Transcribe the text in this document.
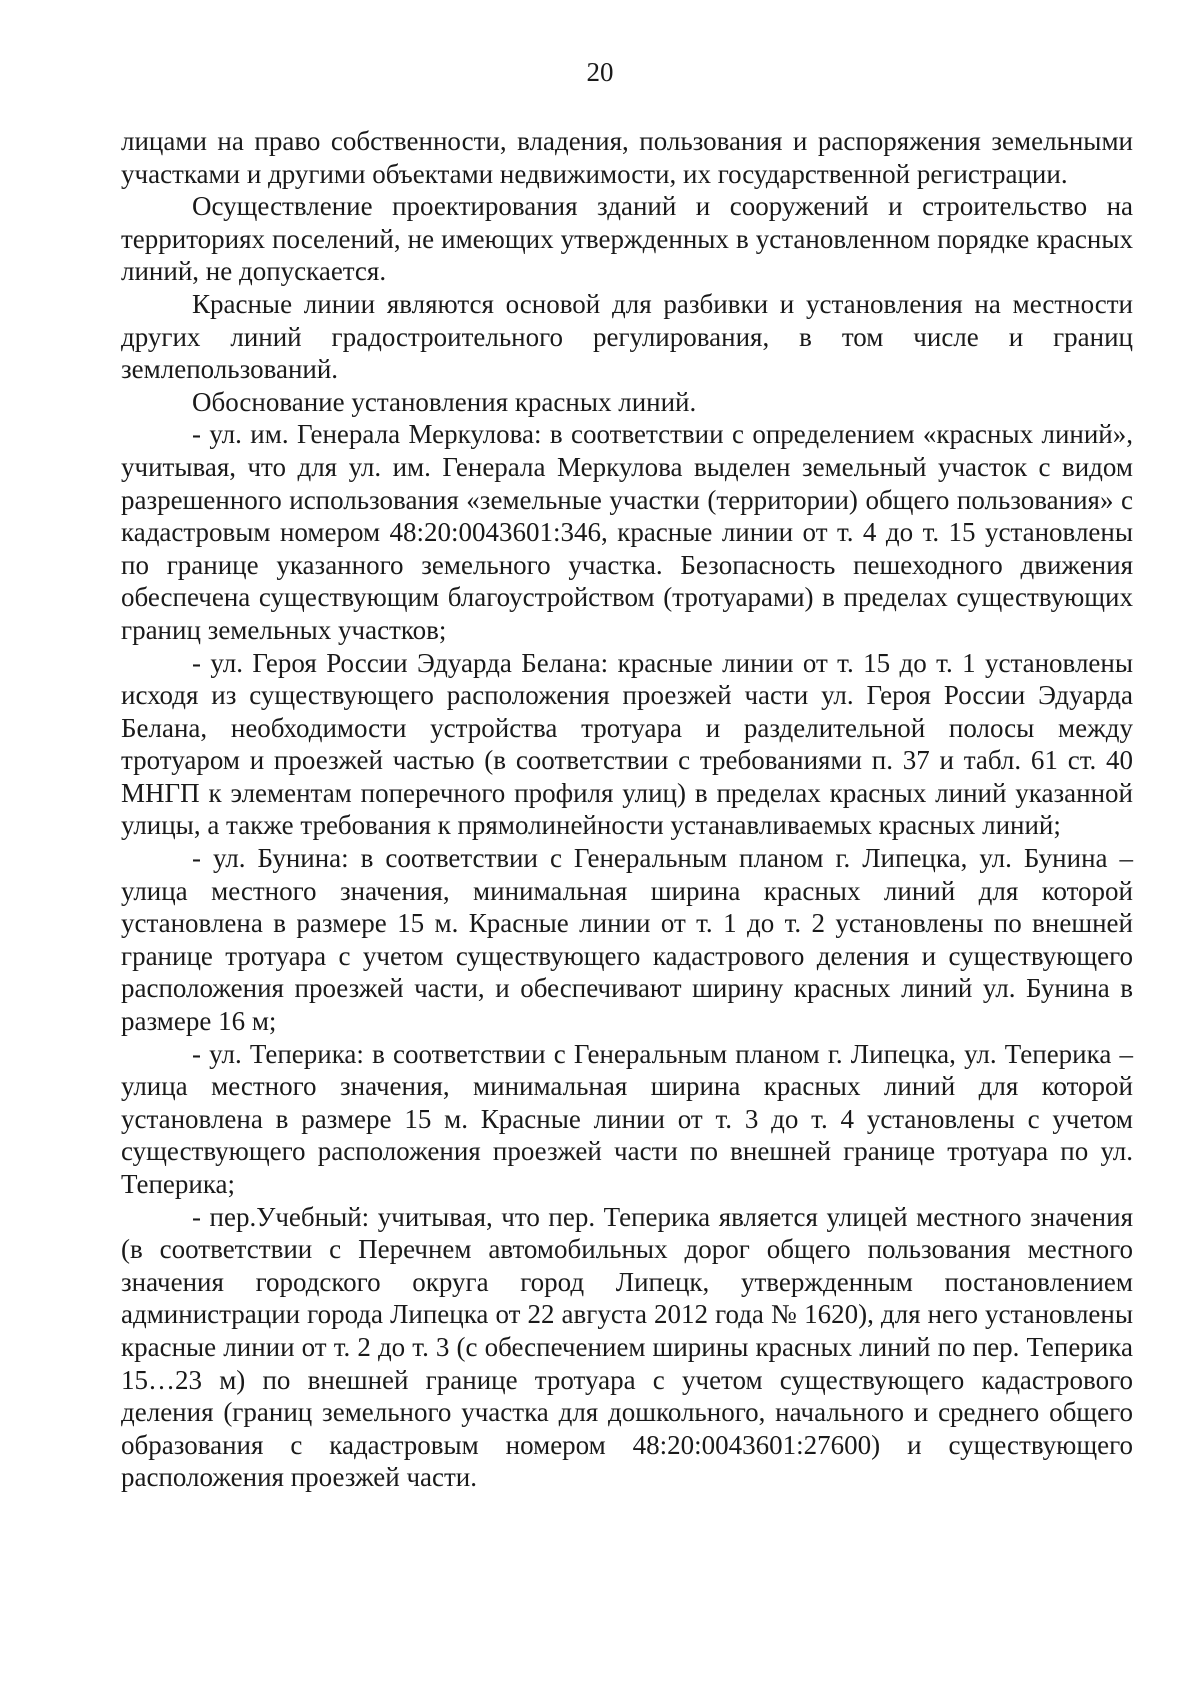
20

лицами на право собственности, владения, пользования и распоряжения земельными участками и другими объектами недвижимости, их государственной регистрации.

Осуществление проектирования зданий и сооружений и строительство на территориях поселений, не имеющих утвержденных в установленном порядке красных линий, не допускается.

Красные линии являются основой для разбивки и установления на местности других линий градостроительного регулирования, в том числе и границ землепользований.

Обоснование установления красных линий.

- ул. им. Генерала Меркулова: в соответствии с определением «красных линий», учитывая, что для ул. им. Генерала Меркулова выделен земельный участок с видом разрешенного использования «земельные участки (территории) общего пользования» с кадастровым номером 48:20:0043601:346, красные линии от т. 4 до т. 15 установлены по границе указанного земельного участка. Безопасность пешеходного движения обеспечена существующим благоустройством (тротуарами) в пределах существующих границ земельных участков;

- ул. Героя России Эдуарда Белана: красные линии от т. 15 до т. 1 установлены исходя из существующего расположения проезжей части ул. Героя России Эдуарда Белана, необходимости устройства тротуара и разделительной полосы между тротуаром и проезжей частью (в соответствии с требованиями п. 37 и табл. 61 ст. 40 МНГП к элементам поперечного профиля улиц) в пределах красных линий указанной улицы, а также требования к прямолинейности устанавливаемых красных линий;

- ул. Бунина: в соответствии с Генеральным планом г. Липецка, ул. Бунина – улица местного значения, минимальная ширина красных линий для которой установлена в размере 15 м. Красные линии от т. 1 до т. 2 установлены по внешней границе тротуара с учетом существующего кадастрового деления и существующего расположения проезжей части, и обеспечивают ширину красных линий ул. Бунина в размере 16 м;

- ул. Теперика: в соответствии с Генеральным планом г. Липецка, ул. Теперика – улица местного значения, минимальная ширина красных линий для которой установлена в размере 15 м. Красные линии от т. 3 до т. 4 установлены с учетом существующего расположения проезжей части по внешней границе тротуара по ул. Теперика;

- пер.Учебный: учитывая, что пер. Теперика является улицей местного значения (в соответствии с Перечнем автомобильных дорог общего пользования местного значения городского округа город Липецк, утвержденным постановлением администрации города Липецка от 22 августа 2012 года № 1620), для него установлены красные линии от т. 2 до т. 3 (с обеспечением ширины красных линий по пер. Теперика 15…23 м) по внешней границе тротуара с учетом существующего кадастрового деления (границ земельного участка для дошкольного, начального и среднего общего образования с кадастровым номером 48:20:0043601:27600) и существующего расположения проезжей части.
